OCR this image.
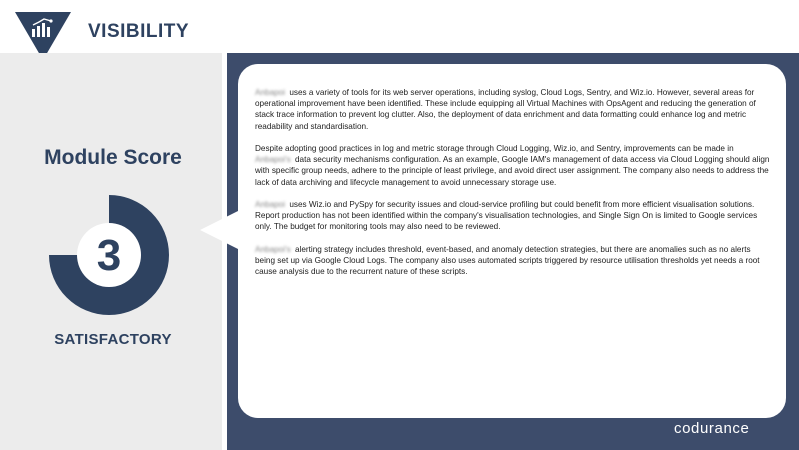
VISIBILITY
Module Score
3
SATISFACTORY

Anbapoi uses a variety of tools for its web server operations, including syslog, Cloud Logs, Sentry, and Wiz.io. However, several areas for operational improvement have been identified. These include equipping all Virtual Machines with OpsAgent and reducing the generation of stack trace information to prevent log clutter. Also, the deployment of data enrichment and data formatting could enhance log and metric readability and standardisation.

Despite adopting good practices in log and metric storage through Cloud Logging, Wiz.io, and Sentry, improvements can be made in Anbapoi's data security mechanisms configuration. As an example, Google IAM's management of data access via Cloud Logging should align with specific group needs, adhere to the principle of least privilege, and avoid direct user assignment. The company also needs to address the lack of data archiving and lifecycle management to avoid unnecessary storage use.

Anbapoi uses Wiz.io and PySpy for security issues and cloud-service profiling but could benefit from more efficient visualisation solutions. Report production has not been identified within the company's visualisation technologies, and Single Sign On is limited to Google services only. The budget for monitoring tools may also need to be reviewed.

Anbapoi's alerting strategy includes threshold, event-based, and anomaly detection strategies, but there are anomalies such as no alerts being set up via Google Cloud Logs. The company also uses automated scripts triggered by resource utilisation thresholds yet needs a root cause analysis due to the recurrent nature of these scripts.

codurance
